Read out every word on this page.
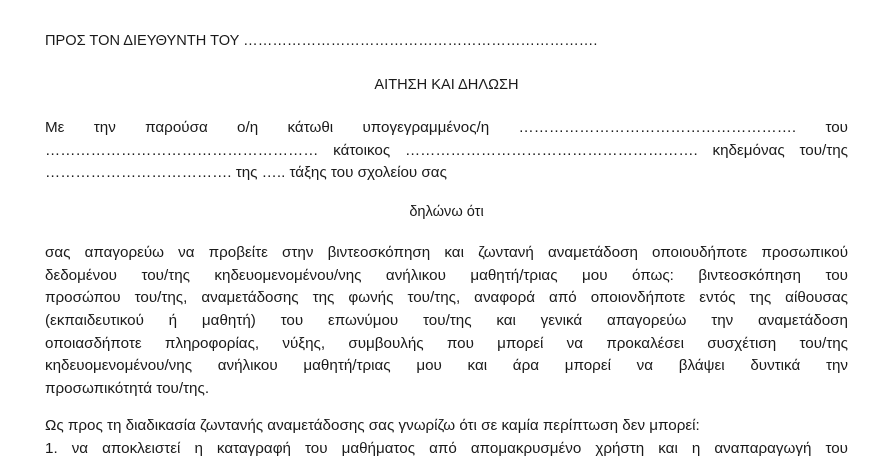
ΠΡΟΣ ΤΟΝ ΔΙΕΥΘΥΝΤΗ ΤΟΥ ……………………………………………………………….
ΑΙΤΗΣΗ ΚΑΙ ΔΗΛΩΣΗ
Με την παρούσα ο/η κάτωθι υπογεγραμμένος/η ………………………………………………. του
……………………………………………… κάτοικος …………………………………………………. κηδεμόνας του/της
………………………………. της ….. τάξης του σχολείου σας
δηλώνω ότι
σας απαγορεύω να προβείτε στην βιντεοσκόπηση και ζωντανή αναμετάδοση οποιουδήποτε προσωπικού
δεδομένου του/της κηδευομενομένου/νης ανήλικου μαθητή/τριας μου όπως: βιντεοσκόπηση του
προσώπου του/της, αναμετάδοσης της φωνής του/της, αναφορά από οποιονδήποτε εντός της αίθουσας
(εκπαιδευτικού ή μαθητή) του επωνύμου του/της και γενικά απαγορεύω την αναμετάδοση
οποιασδήποτε πληροφορίας, νύξης, συμβουλής που μπορεί να προκαλέσει συσχέτιση του/της
κηδευομενομένου/νης ανήλικου μαθητή/τριας μου και άρα μπορεί να βλάψει δυντικά την
προσωπικότητά του/της.
Ως προς τη διαδικασία ζωντανής αναμετάδοσης σας γνωρίζω ότι σε καμία περίπτωση δεν μπορεί:
1. να αποκλειστεί η καταγραφή του μαθήματος από απομακρυσμένο χρήστη και η αναπαραγωγή του
